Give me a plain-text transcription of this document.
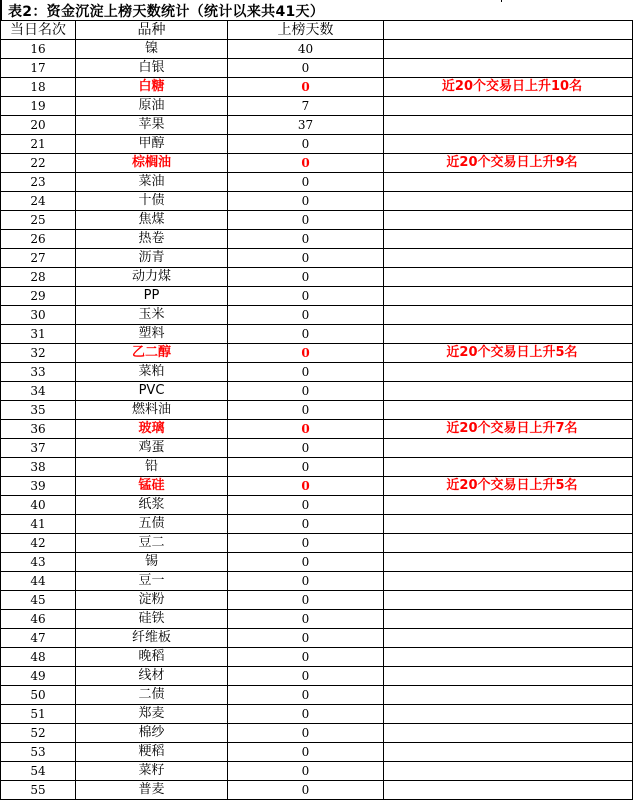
表2：资金沉淀上榜天数统计（统计以来共41天）
当日名次	品种	上榜天数	
16	镍	40	
17	白银	0	
18	白糖	0	近20个交易日上升10名
19	原油	7	
20	苹果	37	
21	甲醇	0	
22	棕榈油	0	近20个交易日上升9名
23	菜油	0	
24	十债	0	
25	焦煤	0	
26	热卷	0	
27	沥青	0	
28	动力煤	0	
29	PP	0	
30	玉米	0	
31	塑料	0	
32	乙二醇	0	近20个交易日上升5名
33	菜粕	0	
34	PVC	0	
35	燃料油	0	
36	玻璃	0	近20个交易日上升7名
37	鸡蛋	0	
38	铅	0	
39	锰硅	0	近20个交易日上升5名
40	纸浆	0	
41	五债	0	
42	豆二	0	
43	锡	0	
44	豆一	0	
45	淀粉	0	
46	硅铁	0	
47	纤维板	0	
48	晚稻	0	
49	线材	0	
50	二债	0	
51	郑麦	0	
52	棉纱	0	
53	粳稻	0	
54	菜籽	0	
55	普麦	0	
